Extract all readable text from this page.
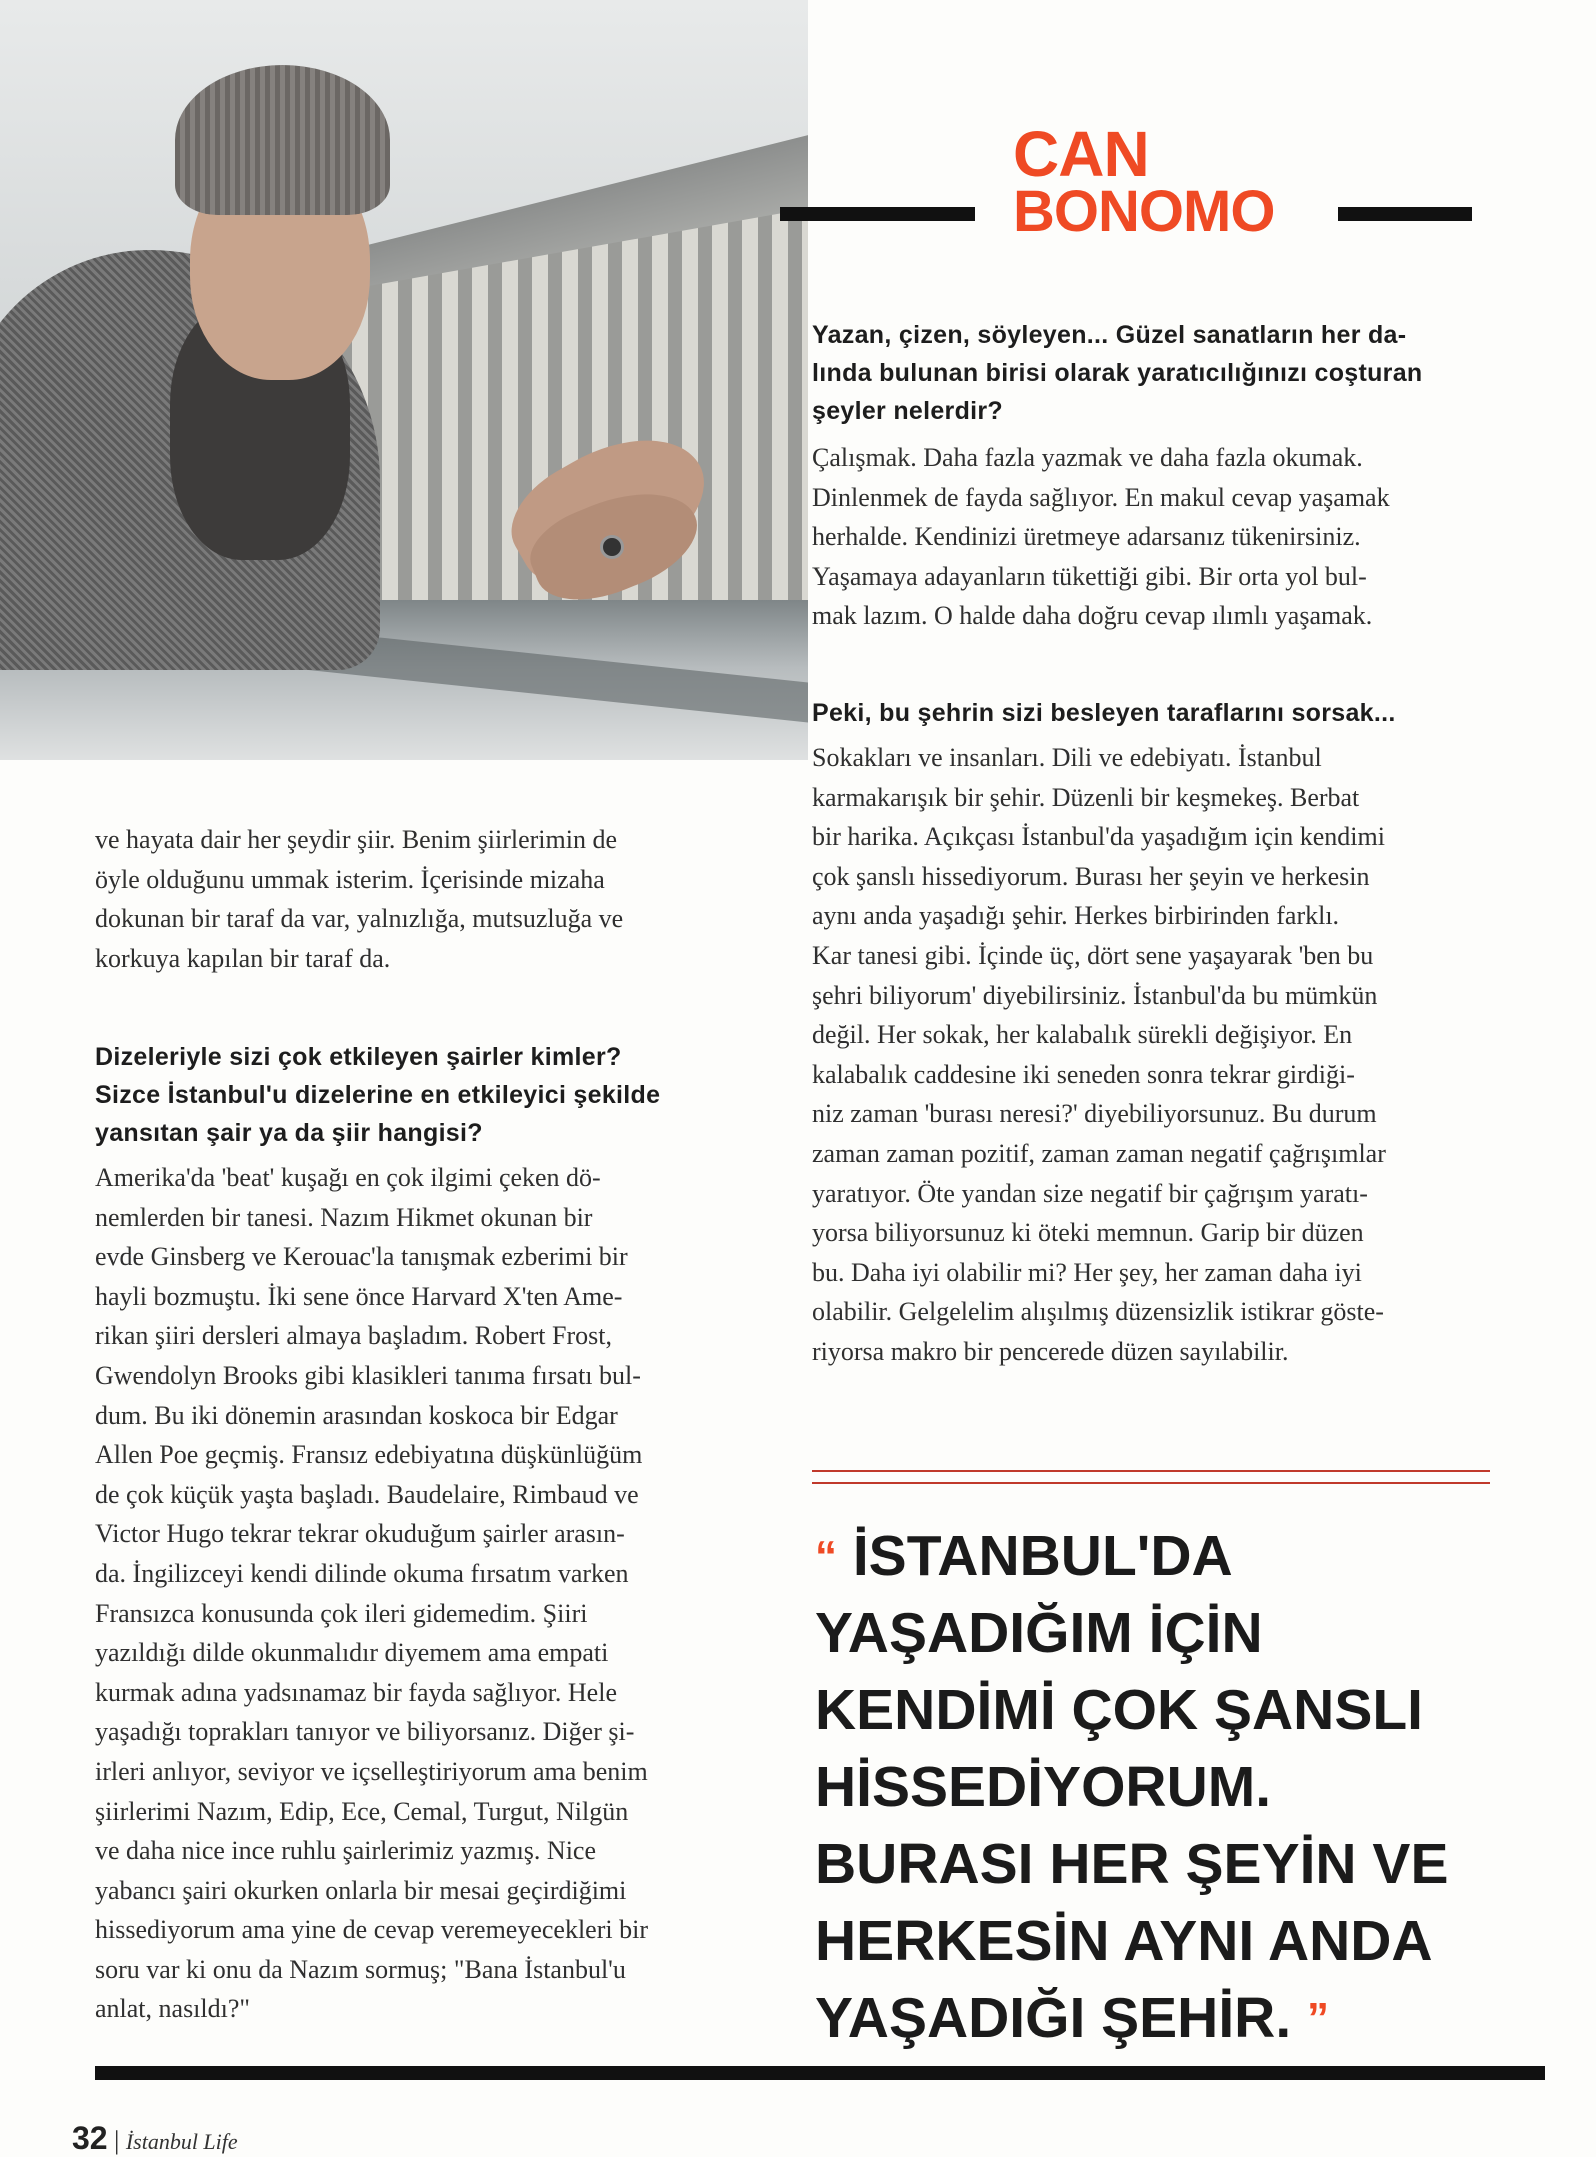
CAN
BONOMO
Yazan, çizen, söyleyen... Güzel sanatların her da-
lında bulunan birisi olarak yaratıcılığınızı coşturan
şeyler nelerdir?

Çalışmak. Daha fazla yazmak ve daha fazla okumak.

Dinlenmek de fayda sağlıyor. En makul cevap yaşamak

herhalde. Kendinizi üretmeye adarsanız tükenirsiniz.

Yaşamaya adayanların tükettiği gibi. Bir orta yol bul-

mak lazım. O halde daha doğru cevap ılımlı yaşamak.

Peki, bu şehrin sizi besleyen taraflarını sorsak...

Sokakları ve insanları. Dili ve edebiyatı. İstanbul

karmakarışık bir şehir. Düzenli bir keşmekeş. Berbat

bir harika. Açıkçası İstanbul'da yaşadığım için kendimi

çok şanslı hissediyorum. Burası her şeyin ve herkesin

aynı anda yaşadığı şehir. Herkes birbirinden farklı.

Kar tanesi gibi. İçinde üç, dört sene yaşayarak 'ben bu

şehri biliyorum' diyebilirsiniz. İstanbul'da bu mümkün

değil. Her sokak, her kalabalık sürekli değişiyor. En

kalabalık caddesine iki seneden sonra tekrar girdiği-

niz zaman 'burası neresi?' diyebiliyorsunuz. Bu durum

zaman zaman pozitif, zaman zaman negatif çağrışımlar

yaratıyor. Öte yandan size negatif bir çağrışım yaratı-

yorsa biliyorsunuz ki öteki memnun. Garip bir düzen

bu. Daha iyi olabilir mi? Her şey, her zaman daha iyi

olabilir. Gelgelelim alışılmış düzensizlik istikrar göste-

riyorsa makro bir pencerede düzen sayılabilir.

ve hayata dair her şeydir şiir. Benim şiirlerimin de

öyle olduğunu ummak isterim. İçerisinde mizaha

dokunan bir taraf da var, yalnızlığa, mutsuzluğa ve

korkuya kapılan bir taraf da.

Dizeleriyle sizi çok etkileyen şairler kimler?
Sizce İstanbul'u dizelerine en etkileyici şekilde
yansıtan şair ya da şiir hangisi?

Amerika'da 'beat' kuşağı en çok ilgimi çeken dö-

nemlerden bir tanesi. Nazım Hikmet okunan bir

evde Ginsberg ve Kerouac'la tanışmak ezberimi bir

hayli bozmuştu. İki sene önce Harvard X'ten Ame-

rikan şiiri dersleri almaya başladım. Robert Frost,

Gwendolyn Brooks gibi klasikleri tanıma fırsatı bul-

dum. Bu iki dönemin arasından koskoca bir Edgar

Allen Poe geçmiş. Fransız edebiyatına düşkünlüğüm

de çok küçük yaşta başladı. Baudelaire, Rimbaud ve

Victor Hugo tekrar tekrar okuduğum şairler arasın-

da. İngilizceyi kendi dilinde okuma fırsatım varken

Fransızca konusunda çok ileri gidemedim. Şiiri

yazıldığı dilde okunmalıdır diyemem ama empati

kurmak adına yadsınamaz bir fayda sağlıyor. Hele

yaşadığı toprakları tanıyor ve biliyorsanız. Diğer şi-

irleri anlıyor, seviyor ve içselleştiriyorum ama benim

şiirlerimi Nazım, Edip, Ece, Cemal, Turgut, Nilgün

ve daha nice ince ruhlu şairlerimiz yazmış. Nice

yabancı şairi okurken onlarla bir mesai geçirdiğimi

hissediyorum ama yine de cevap veremeyecekleri bir

soru var ki onu da Nazım sormuş; "Bana İstanbul'u

anlat, nasıldı?"

“ İSTANBUL'DA
YAŞADIĞIM İÇİN
KENDİMİ ÇOK ŞANSLI
HİSSEDİYORUM.
BURASI HER ŞEYİN VE
HERKESİN AYNI ANDA
YAŞADIĞI ŞEHİR. ”
32 | İstanbul Life
